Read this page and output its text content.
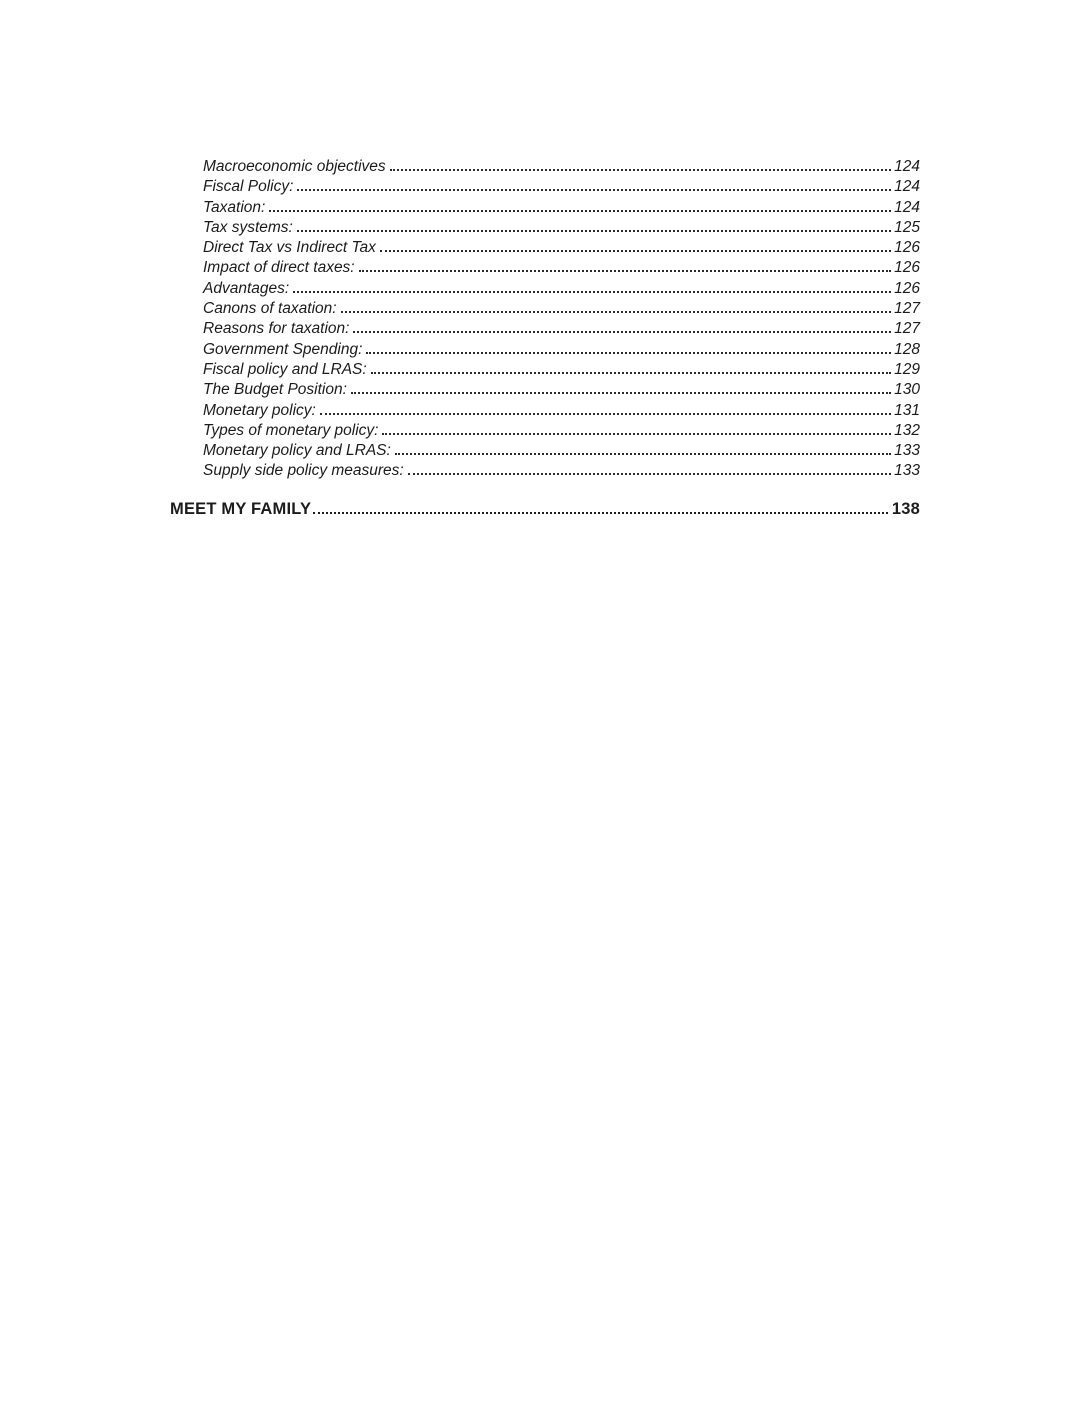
Macroeconomic objectives	124
Fiscal Policy:	124
Taxation:	124
Tax systems:	125
Direct Tax vs Indirect Tax	126
Impact of direct taxes:	126
Advantages:	126
Canons of taxation:	127
Reasons for taxation:	127
Government Spending:	128
Fiscal policy and LRAS:	129
The Budget Position:	130
Monetary policy:	131
Types of monetary policy:	132
Monetary policy and LRAS:	133
Supply side policy measures:	133
MEET MY FAMILY	138
